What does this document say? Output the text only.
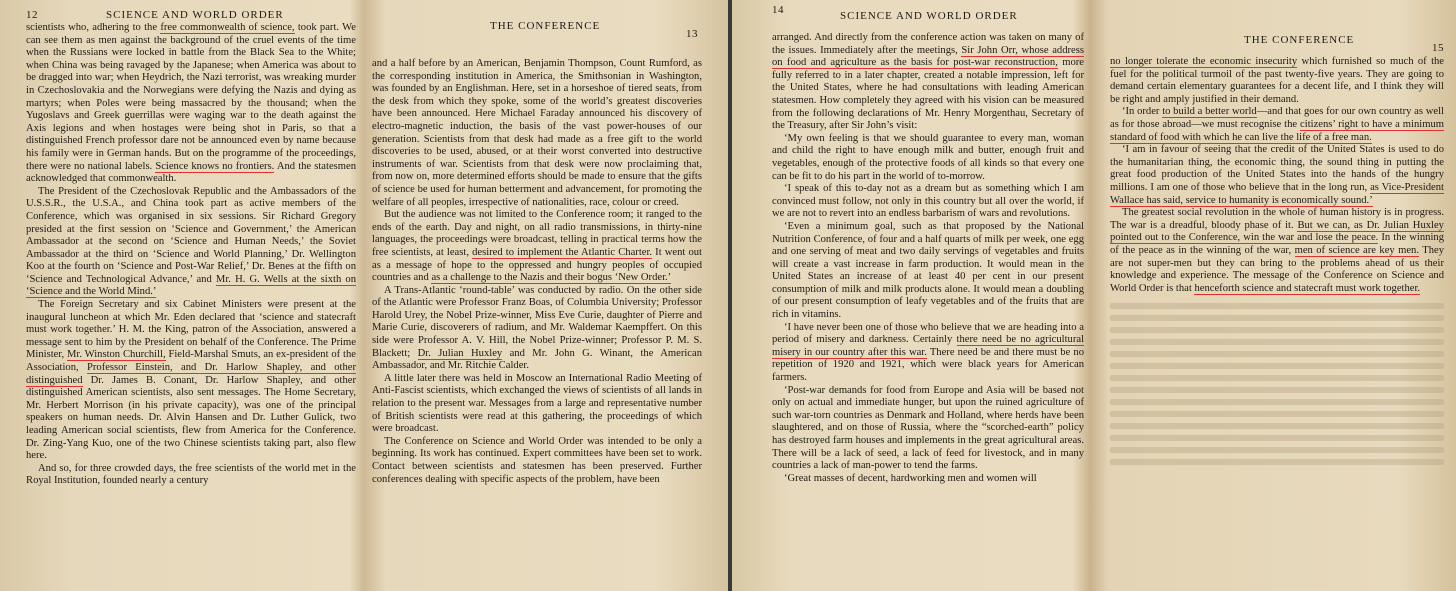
12	SCIENCE AND WORLD ORDER

scientists who, adhering to the free commonwealth of science, took part. We can see them as men against the background of the cruel events of the time when the Russians were locked in battle from the Black Sea to the White; when China was being ravaged by the Japanese; when America was about to be dragged into war; when Heydrich, the Nazi terrorist, was wreaking murder in Czechoslovakia and the Norwegians were defying the Nazis and dying as martyrs; when Poles were being massacred by the thousand; when the Yugoslavs and Greek guerrillas were waging war to the death against the Axis legions and when hostages were being shot in Paris, so that a distinguished French professor dare not be announced even by name because his family were in German hands. But on the programme of the proceedings, there were no national labels. Science knows no frontiers. And the statesmen acknowledged that commonwealth.

The President of the Czechoslovak Republic and the Ambassadors of the U.S.S.R., the U.S.A., and China took part as active members of the Conference, which was organised in six sessions. Sir Richard Gregory presided at the first session on ‘Science and Government,’ the American Ambassador at the second on ‘Science and Human Needs,’ the Soviet Ambassador at the third on ‘Science and World Planning,’ Dr. Wellington Koo at the fourth on ‘Science and Post-War Relief,’ Dr. Benes at the fifth on ‘Science and Technological Advance,’ and Mr. H. G. Wells at the sixth on ‘Science and the World Mind.’

The Foreign Secretary and six Cabinet Ministers were present at the inaugural luncheon at which Mr. Eden declared that ‘science and statecraft must work together.’ H. M. the King, patron of the Association, answered a message sent to him by the President on behalf of the Conference. The Prime Minister, Mr. Winston Churchill, Field-Marshal Smuts, an ex-president of the Association, Professor Einstein, and Dr. Harlow Shapley, and other distinguished Dr. James B. Conant, Dr. Harlow Shapley, and other distinguished American scientists, also sent messages. The Home Secretary, Mr. Herbert Morrison (in his private capacity), was one of the principal speakers on human needs. Dr. Alvin Hansen and Dr. Luther Gulick, two leading American social scientists, flew from America for the Conference. Dr. Zing-Yang Kuo, one of the two Chinese scientists taking part, also flew here.

And so, for three crowded days, the free scientists of the world met in the Royal Institution, founded nearly a century

THE CONFERENCE
13

and a half before by an American, Benjamin Thompson, Count Rumford, as the corresponding institution in America, the Smithsonian in Washington, was founded by an Englishman. Here, set in a horseshoe of tiered seats, from the desk from which they spoke, some of the world’s greatest discoveries have been announced. Here Michael Faraday announced his discovery of electro-magnetic induction, the basis of the vast power-houses of our generation. Scientists from that desk had made as a free gift to the world discoveries to be used, abused, or at their worst converted into destructive instruments of war. Scientists from that desk were now proclaiming that, from now on, more determined efforts should be made to ensure that the gifts of science be used for human betterment and advancement, for promoting the welfare of all peoples, irrespective of nationalities, race, colour or creed.

But the audience was not limited to the Conference room; it ranged to the ends of the earth. Day and night, on all radio transmissions, in thirty-nine languages, the proceedings were broadcast, telling in practical terms how the free scientists, at least, desired to implement the Atlantic Charter. It went out as a message of hope to the oppressed and hungry peoples of occupied countries and as a challenge to the Nazis and their bogus ‘New Order.’

A Trans-Atlantic ‘round-table’ was conducted by radio. On the other side of the Atlantic were Professor Franz Boas, of Columbia University; Professor Harold Urey, the Nobel Prize-winner, Miss Eve Curie, daughter of Pierre and Marie Curie, discoverers of radium, and Mr. Waldemar Kaempffert. On this side were Professor A. V. Hill, the Nobel Prize-winner; Professor P. M. S. Blackett; Dr. Julian Huxley and Mr. John G. Winant, the American Ambassador, and Mr. Ritchie Calder.

A little later there was held in Moscow an International Radio Meeting of Anti-Fascist scientists, which exchanged the views of scientists of all lands in relation to the present war. Messages from a large and representative number of British scientists were read at this gathering, the proceedings of which were broadcast.

The Conference on Science and World Order was intended to be only a beginning. Its work has continued. Expert committees have been set to work. Contact between scientists and statesmen has been preserved. Further conferences dealing with specific aspects of the problem, have been

14	SCIENCE AND WORLD ORDER

arranged. And directly from the conference action was taken on many of the issues. Immediately after the meetings, Sir John Orr, whose address on food and agriculture as the basis for post-war reconstruction, more fully referred to in a later chapter, created a notable impression, left for the United States, where he had consultations with leading American statesmen. How completely they agreed with his vision can be measured from the following declarations of Mr. Henry Morgenthau, Secretary of the Treasury, after Sir John’s visit:

‘My own feeling is that we should guarantee to every man, woman and child the right to have enough milk and butter, enough fruit and vegetables, enough of the protective foods of all kinds so that every one can be fit to do his part in the world of to-morrow.

‘I speak of this to-day not as a dream but as something which I am convinced must follow, not only in this country but all over the world, if we are not to revert into an endless barbarism of wars and revolutions.

‘Even a minimum goal, such as that proposed by the National Nutrition Conference, of four and a half quarts of milk per week, one egg and one serving of meat and two daily servings of vegetables and fruits will create a vast increase in farm production. It would mean in the United States an increase of at least 40 per cent in our present consumption of milk and milk products alone. It would mean a doubling of our present consumption of leafy vegetables and of the fruits that are rich in vitamins.

‘I have never been one of those who believe that we are heading into a period of misery and darkness. Certainly there need be no agricultural misery in our country after this war. There need be and there must be no repetition of 1920 and 1921, which were black years for American farmers.

‘Post-war demands for food from Europe and Asia will be based not only on actual and immediate hunger, but upon the ruined agriculture of such war-torn countries as Denmark and Holland, where herds have been slaughtered, and on those of Russia, where the “scorched-earth” policy has destroyed farm houses and implements in the great agricultural areas. There will be a lack of seed, a lack of feed for livestock, and in many countries a lack of man-power to tend the farms.

‘Great masses of decent, hardworking men and women will

THE CONFERENCE
15

no longer tolerate the economic insecurity which furnished so much of the fuel for the political turmoil of the past twenty-five years. They are going to demand certain elementary guarantees for a decent life, and I think they will be right and amply justified in their demand.

‘In order to build a better world—and that goes for our own country as well as for those abroad—we must recognise the citizens’ right to have a minimum standard of food with which he can live the life of a free man.

‘I am in favour of seeing that the credit of the United States is used to do the humanitarian thing, the economic thing, the sound thing in putting the great food production of the United States into the hands of the hungry millions. I am one of those who believe that in the long run, as Vice-President Wallace has said, service to humanity is economically sound.’

The greatest social revolution in the whole of human history is in progress. The war is a dreadful, bloody phase of it. But we can, as Dr. Julian Huxley pointed out to the Conference, win the war and lose the peace. In the winning of the peace as in the winning of the war, men of science are key men. They are not super-men but they can bring to the problems ahead of us their knowledge and experience. The message of the Conference on Science and World Order is that henceforth science and statecraft must work together.
